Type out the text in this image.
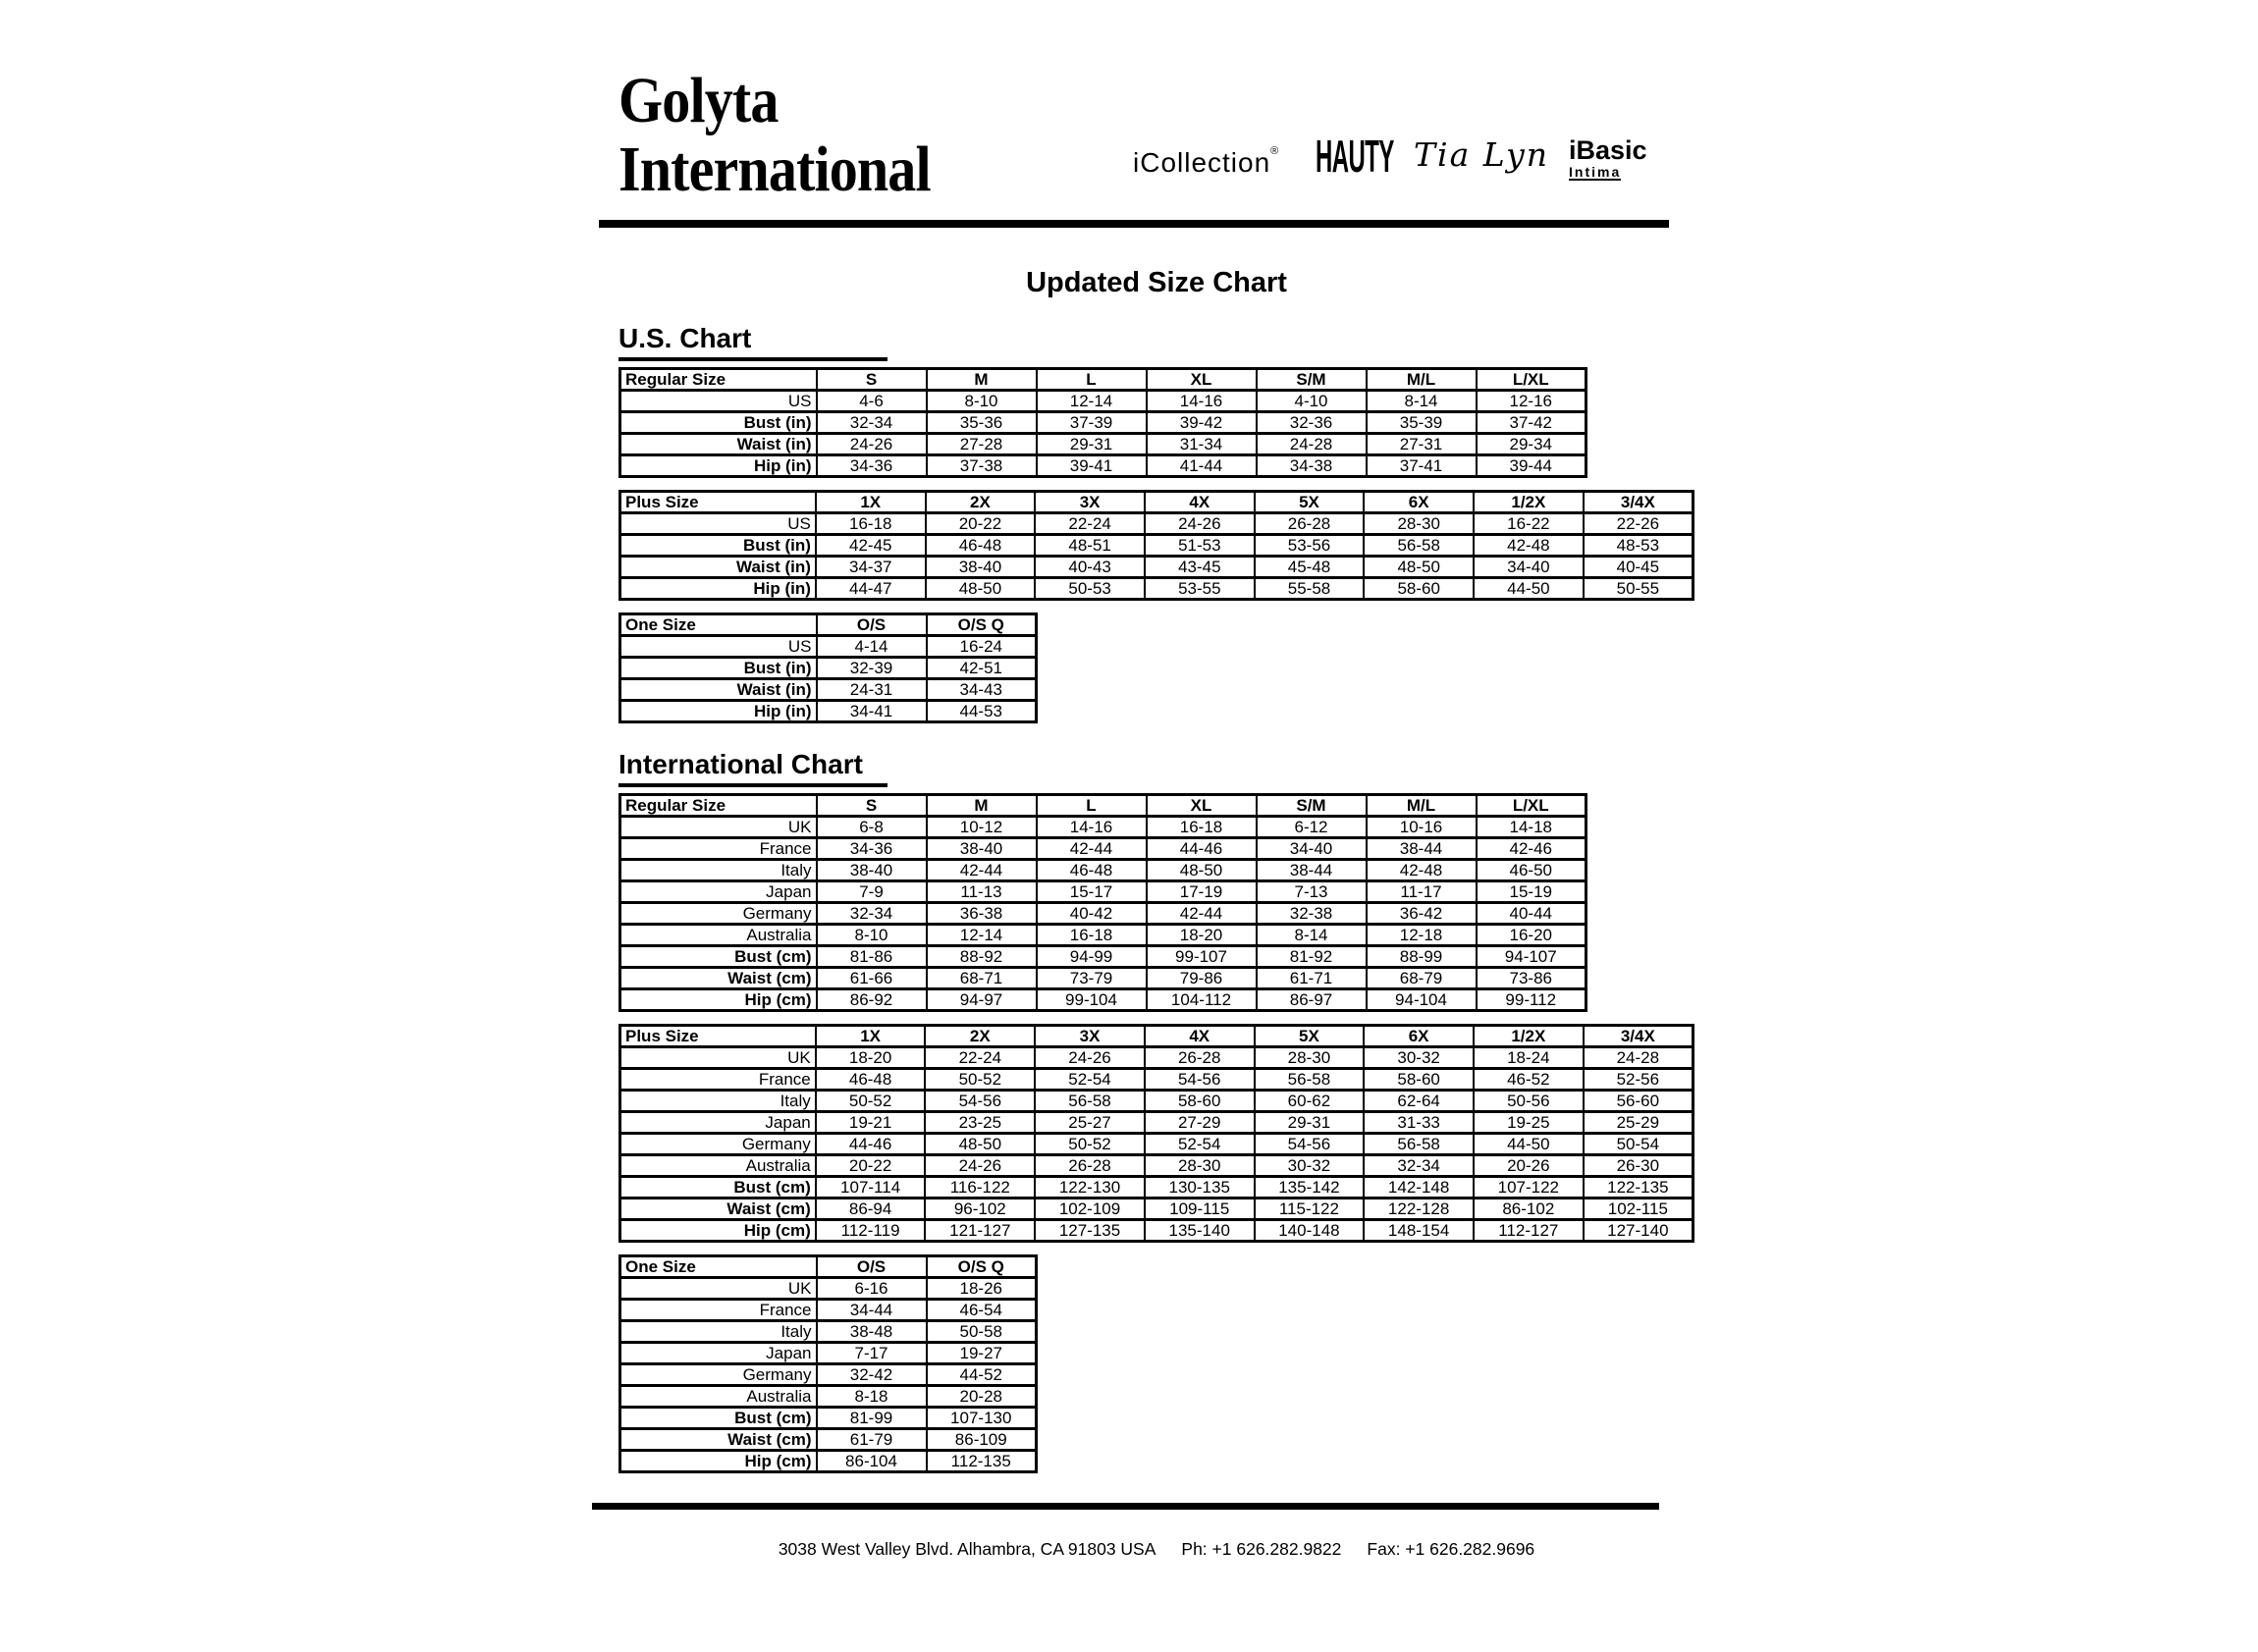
Golyta
International	iCollection® HAUTY Tia Lyn iBasic
Intima
Updated Size Chart
U.S. Chart
Regular Size	S	M	L	XL	S/M	M/L	L/XL
US	4-6	8-10	12-14	14-16	4-10	8-14	12-16
Bust (in)	32-34	35-36	37-39	39-42	32-36	35-39	37-42
Waist (in)	24-26	27-28	29-31	31-34	24-28	27-31	29-34
Hip (in)	34-36	37-38	39-41	41-44	34-38	37-41	39-44
Plus Size	1X	2X	3X	4X	5X	6X	1/2X	3/4X
US	16-18	20-22	22-24	24-26	26-28	28-30	16-22	22-26
Bust (in)	42-45	46-48	48-51	51-53	53-56	56-58	42-48	48-53
Waist (in)	34-37	38-40	40-43	43-45	45-48	48-50	34-40	40-45
Hip (in)	44-47	48-50	50-53	53-55	55-58	58-60	44-50	50-55
One Size	O/S	O/S Q
US	4-14	16-24
Bust (in)	32-39	42-51
Waist (in)	24-31	34-43
Hip (in)	34-41	44-53
International Chart
Regular Size	S	M	L	XL	S/M	M/L	L/XL
UK	6-8	10-12	14-16	16-18	6-12	10-16	14-18
France	34-36	38-40	42-44	44-46	34-40	38-44	42-46
Italy	38-40	42-44	46-48	48-50	38-44	42-48	46-50
Japan	7-9	11-13	15-17	17-19	7-13	11-17	15-19
Germany	32-34	36-38	40-42	42-44	32-38	36-42	40-44
Australia	8-10	12-14	16-18	18-20	8-14	12-18	16-20
Bust (cm)	81-86	88-92	94-99	99-107	81-92	88-99	94-107
Waist (cm)	61-66	68-71	73-79	79-86	61-71	68-79	73-86
Hip (cm)	86-92	94-97	99-104	104-112	86-97	94-104	99-112
Plus Size	1X	2X	3X	4X	5X	6X	1/2X	3/4X
UK	18-20	22-24	24-26	26-28	28-30	30-32	18-24	24-28
France	46-48	50-52	52-54	54-56	56-58	58-60	46-52	52-56
Italy	50-52	54-56	56-58	58-60	60-62	62-64	50-56	56-60
Japan	19-21	23-25	25-27	27-29	29-31	31-33	19-25	25-29
Germany	44-46	48-50	50-52	52-54	54-56	56-58	44-50	50-54
Australia	20-22	24-26	26-28	28-30	30-32	32-34	20-26	26-30
Bust (cm)	107-114	116-122	122-130	130-135	135-142	142-148	107-122	122-135
Waist (cm)	86-94	96-102	102-109	109-115	115-122	122-128	86-102	102-115
Hip (cm)	112-119	121-127	127-135	135-140	140-148	148-154	112-127	127-140
One Size	O/S	O/S Q
UK	6-16	18-26
France	34-44	46-54
Italy	38-48	50-58
Japan	7-17	19-27
Germany	32-42	44-52
Australia	8-18	20-28
Bust (cm)	81-99	107-130
Waist (cm)	61-79	86-109
Hip (cm)	86-104	112-135
3038 West Valley Blvd. Alhambra, CA 91803 USA Ph: +1 626.282.9822 Fax: +1 626.282.9696
